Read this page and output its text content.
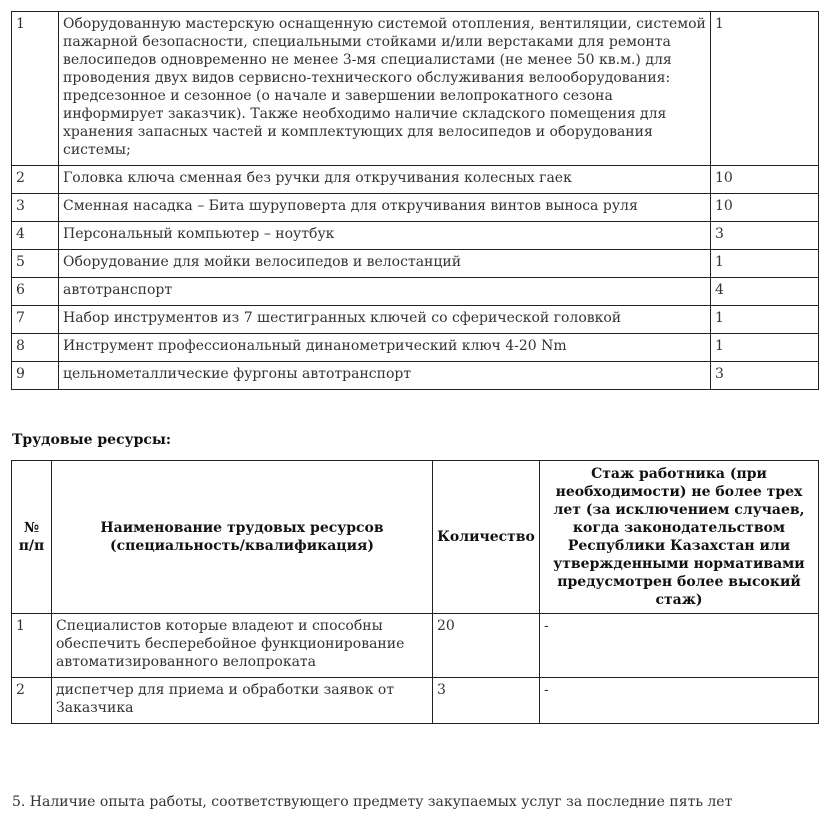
1	Оборудованную мастерскую оснащенную системой отопления, вентиляции, системой пажарной безопасности, специальными стойками и/или верстаками для ремонта велосипедов одновременно не менее 3-мя специалистами (не менее 50 кв.м.) для проводения двух видов сервисно-технического обслуживания велооборудования: предсезонное и сезонное (о начале и завершении велопрокатного сезона информирует заказчик). Также необходимо наличие складского помещения для хранения запасных частей и комплектующих для велосипедов и оборудования системы;	1
2	Головка ключа сменная без ручки для откручивания колесных гаек	10
3	Сменная насадка – Бита шуруповерта для откручивания винтов выноса руля	10
4	Персональный компьютер – ноутбук	3
5	Оборудование для мойки велосипедов и велостанций	1
6	автотранспорт	4
7	Набор инструментов из 7 шестигранных ключей со сферической головкой	1
8	Инструмент профессиональный динанометрический ключ 4-20 Nm	1
9	цельнометаллические фургоны автотранспорт	3
Трудовые ресурсы:
№ п/п	Наименование трудовых ресурсов (специальность/квалификация)	Количество	Стаж работника (при необходимости) не более трех лет (за исключением случаев, когда законодательством Республики Казахстан или утвержденными нормативами предусмотрен более высокий стаж)
1	Специалистов которые владеют и способны обеспечить бесперебойное функционирование автоматизированного велопроката	20	-
2	диспетчер для приема и обработки заявок от Заказчика	3	-

5. Наличие опыта работы, соответствующего предмету закупаемых услуг за последние пять лет
